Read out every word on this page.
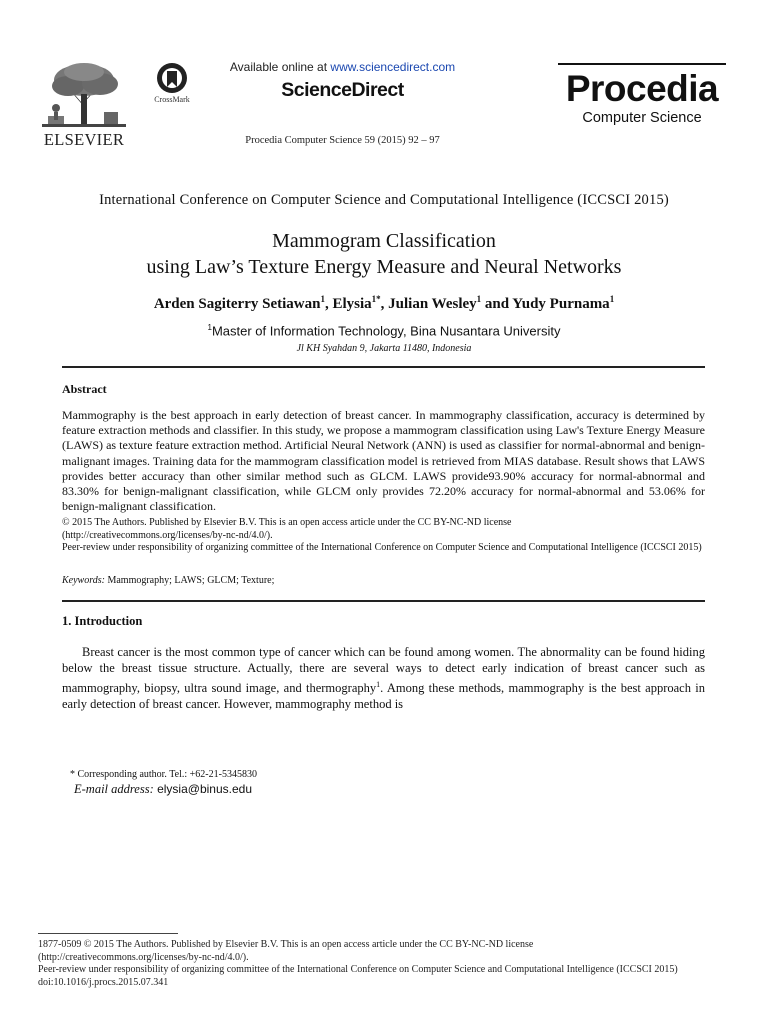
ELSEVIER
CrossMark
Available online at www.sciencedirect.com
ScienceDirect
Procedia Computer Science 59 (2015) 92 – 97
Procedia
Computer Science
International Conference on Computer Science and Computational Intelligence (ICCSCI 2015)
Mammogram Classification
using Law’s Texture Energy Measure and Neural Networks
Arden Sagiterry Setiawan$^1$, Elysia$^{1*}$, Julian Wesley$^1$ and Yudy Purnama$^1$
$^1$Master of Information Technology, Bina Nusantara University
Jl KH Syahdan 9, Jakarta 11480, Indonesia
Abstract
Mammography is the best approach in early detection of breast cancer. In mammography classification, accuracy is determined by feature extraction methods and classifier. In this study, we propose a mammogram classification using Law's Texture Energy Measure (LAWS) as texture feature extraction method. Artificial Neural Network (ANN) is used as classifier for normal-abnormal and benign-malignant images. Training data for the mammogram classification model is retrieved from MIAS database. Result shows that LAWS provides better accuracy than other similar method such as GLCM. LAWS provide93.90% accuracy for normal-abnormal and 83.30% for benign-malignant classification, while GLCM only provides 72.20% accuracy for normal-abnormal and 53.06% for benign-malignant classification.
© 2015 The Authors. Published by Elsevier B.V. This is an open access article under the CC BY-NC-ND license
(http://creativecommons.org/licenses/by-nc-nd/4.0/).
Peer-review under responsibility of organizing committee of the International Conference on Computer Science and Computational Intelligence (ICCSCI 2015)
Keywords: Mammography; LAWS; GLCM; Texture;
1. Introduction
Breast cancer is the most common type of cancer which can be found among women. The abnormality can be found hiding below the breast tissue structure. Actually, there are several ways to detect early indication of breast cancer such as mammography, biopsy, ultra sound image, and thermography$^1$. Among these methods, mammography is the best approach in early detection of breast cancer. However, mammography method is
* Corresponding author. Tel.: +62-21-5345830
E-mail address: elysia@binus.edu
1877-0509 © 2015 The Authors. Published by Elsevier B.V. This is an open access article under the CC BY-NC-ND license
(http://creativecommons.org/licenses/by-nc-nd/4.0/).
Peer-review under responsibility of organizing committee of the International Conference on Computer Science and Computational Intelligence (ICCSCI 2015)
doi:10.1016/j.procs.2015.07.341
